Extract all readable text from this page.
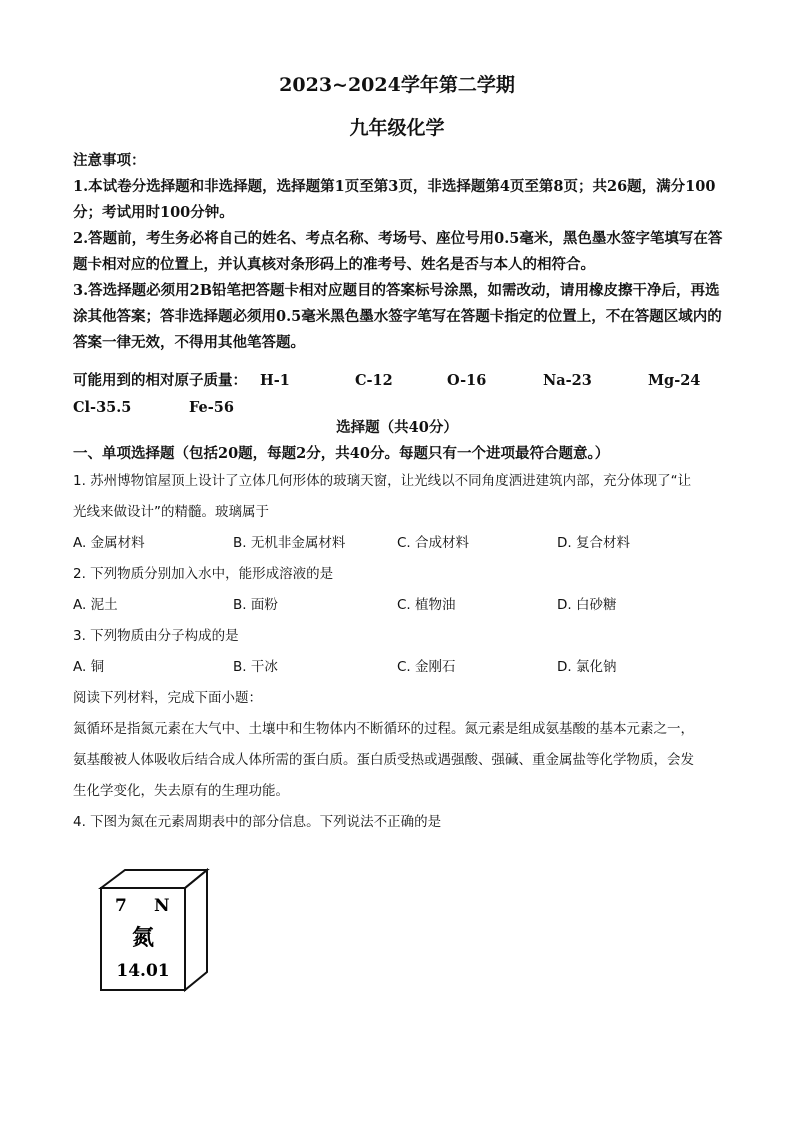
2023~2024学年第二学期
九年级化学

注意事项：

1.本试卷分选择题和非选择题，选择题第1页至第3页，非选择题第4页至第8页；共26题，满分100分；考试用时100分钟。

2.答题前，考生务必将自己的姓名、考点名称、考场号、座位号用0.5毫米，黑色墨水签字笔填写在答题卡相对应的位置上，并认真核对条形码上的准考号、姓名是否与本人的相符合。

3.答选择题必须用2B铅笔把答题卡相对应题目的答案标号涂黑，如需改动，请用橡皮擦干净后，再选涂其他答案；答非选择题必须用0.5毫米黑色墨水签字笔写在答题卡指定的位置上，不在答题区域内的答案一律无效，不得用其他笔答题。

可能用到的相对原子质量： H-1	C-12	O-16	Na-23	Mg-24
Cl-35.5	Fe-56
选择题（共40分）
一、单项选择题（包括20题，每题2分，共40分。每题只有一个进项最符合题意。）

1. 苏州博物馆屋顶上设计了立体几何形体的玻璃天窗，让光线以不同角度洒进建筑内部，充分体现了“让

光线来做设计”的精髓。玻璃属于

A. 金属材料	B. 无机非金属材料	C. 合成材料	D. 复合材料

2. 下列物质分别加入水中，能形成溶液的是

A. 泥土	B. 面粉	C. 植物油	D. 白砂糖

3. 下列物质由分子构成的是

A. 铜	B. 干冰	C. 金刚石	D. 氯化钠

阅读下列材料，完成下面小题：

氮循环是指氮元素在大气中、土壤中和生物体内不断循环的过程。氮元素是组成氨基酸的基本元素之一，

氨基酸被人体吸收后结合成人体所需的蛋白质。蛋白质受热或遇强酸、强碱、重金属盐等化学物质，会发

生化学变化，失去原有的生理功能。

4. 下图为氮在元素周期表中的部分信息。下列说法不正确的是

7 N
氮
14.01
